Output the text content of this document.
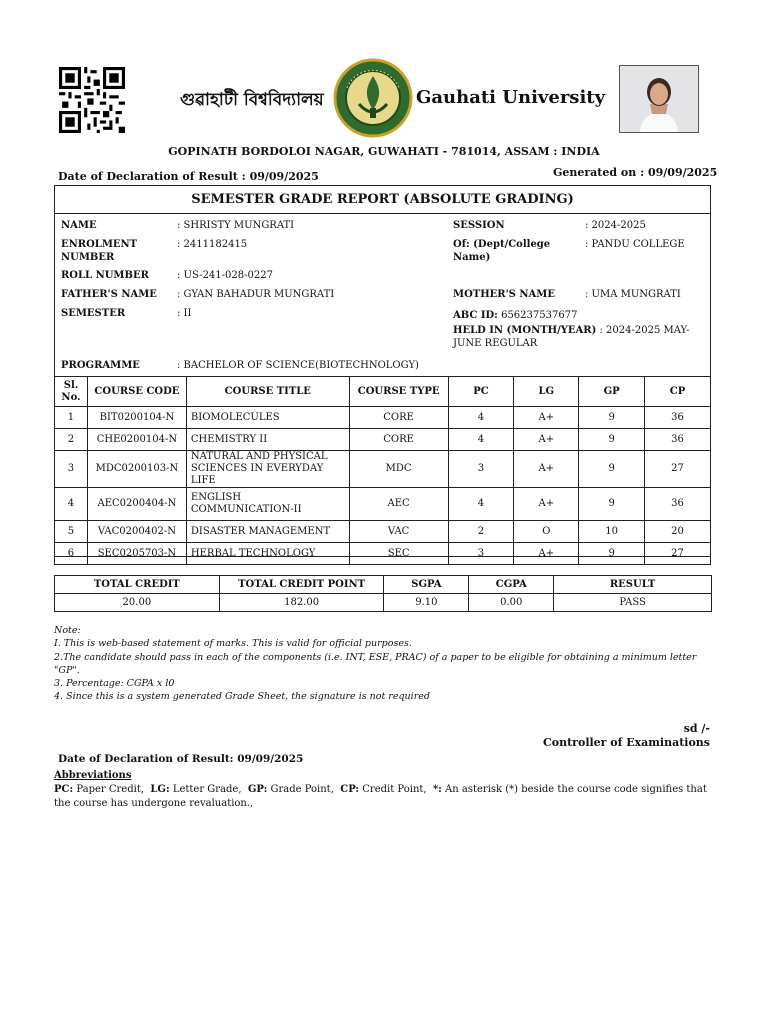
গুৱাহাটী বিশ্ববিদ্যালয়	Gauhati University
GOPINATH BORDOLOI NAGAR, GUWAHATI - 781014, ASSAM : INDIA
Date of Declaration of Result : 09/09/2025	Generated on : 09/09/2025
SEMESTER GRADE REPORT (ABSOLUTE GRADING)
NAME	: SHRISTY MUNGRATI
ENROLMENT NUMBER
: 2411182415
ROLL NUMBER	: US-241-028-0227
FATHER'S NAME : GYAN BAHADUR MUNGRATI
SEMESTER	: II
PROGRAMME	: BACHELOR OF SCIENCE(BIOTECHNOLOGY)
SESSION	: 2024-2025
Of: (Dept/College Name)
: PANDU COLLEGE
MOTHER'S NAME	: UMA MUNGRATI
ABC ID: 656237537677
HELD IN (MONTH/YEAR) : 2024-2025 MAY-JUNE REGULAR
Sl. No.	COURSE CODE	COURSE TITLE	COURSE TYPE	PC	LG	GP	CP
1	BIT0200104-N	BIOMOLECULES	CORE	4	A+	9	36
2	CHE0200104-N	CHEMISTRY II	CORE	4	A+	9	36
3	MDC0200103-N	NATURAL AND PHYSICAL SCIENCES IN EVERYDAY LIFE	MDC	3	A+	9	27
4	AEC0200404-N	ENGLISH COMMUNICATION-II	AEC	4	A+	9	36
5	VAC0200402-N	DISASTER MANAGEMENT	VAC	2	O	10	20
6	SEC0205703-N	HERBAL TECHNOLOGY	SEC	3	A+	9	27
TOTAL CREDIT	TOTAL CREDIT POINT	SGPA	CGPA	RESULT
20.00	182.00	9.10	0.00	PASS
Note:
I. This is web-based statement of marks. This is valid for official purposes.
2.The candidate should pass in each of the components (i.e. INT, ESE, PRAC) of a paper to be eligible for obtaining a minimum letter "GP".
3. Percentage: CGPA x l0
4. Since this is a system generated Grade Sheet, the signature is not required
sd /-
Controller of Examinations
Date of Declaration of Result: 09/09/2025
Abbreviations
PC: Paper Credit,  LG: Letter Grade,  GP: Grade Point,  CP: Credit Point,  *: An asterisk (*) beside the course code signifies that the course has undergone revaluation.,
